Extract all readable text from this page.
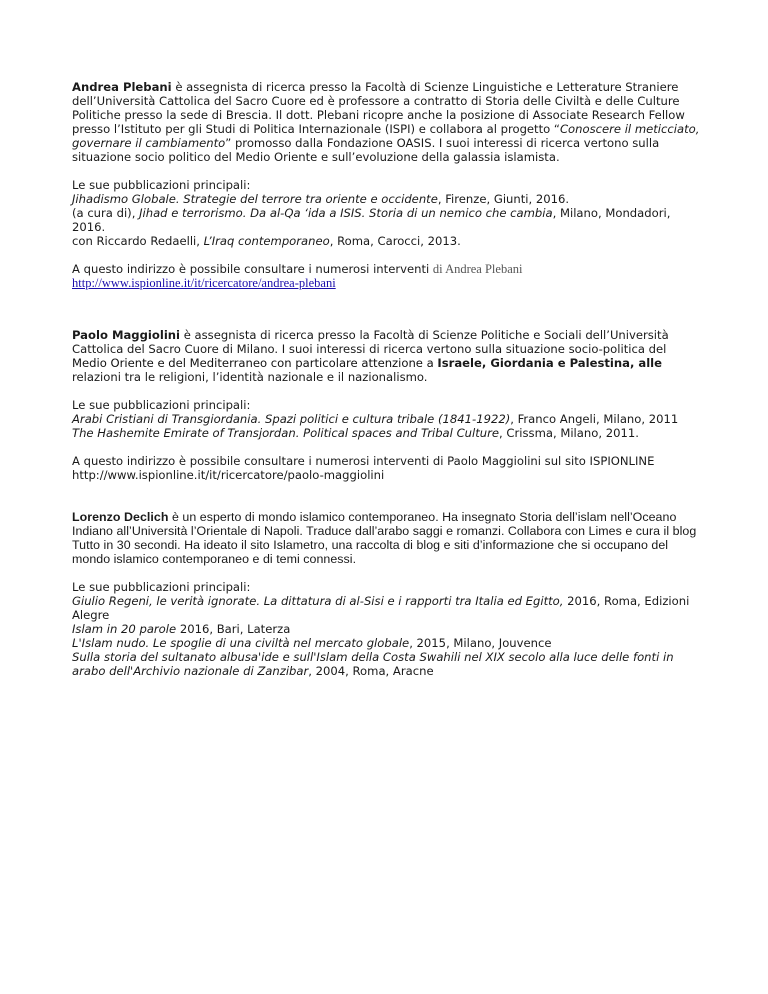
Andrea Plebani è assegnista di ricerca presso la Facoltà di Scienze Linguistiche e Letterature Straniere dell’Università Cattolica del Sacro Cuore ed è professore a contratto di Storia delle Civiltà e delle Culture Politiche presso la sede di Brescia. Il dott. Plebani ricopre anche la posizione di Associate Research Fellow presso l’Istituto per gli Studi di Politica Internazionale (ISPI) e collabora al progetto “Conoscere il meticciato, governare il cambiamento” promosso dalla Fondazione OASIS. I suoi interessi di ricerca vertono sulla situazione socio politico del Medio Oriente e sull’evoluzione della galassia islamista.

Le sue pubblicazioni principali:

Jihadismo Globale. Strategie del terrore tra oriente e occidente, Firenze, Giunti, 2016.

(a cura di), Jihad e terrorismo. Da al-Qa ‘ida a ISIS. Storia di un nemico che cambia, Milano, Mondadori, 2016.

con Riccardo Redaelli, L’Iraq contemporaneo, Roma, Carocci, 2013.

A questo indirizzo è possibile consultare i numerosi interventi di Andrea Plebani

http://www.ispionline.it/it/ricercatore/andrea-plebani

Paolo Maggiolini è assegnista di ricerca presso la Facoltà di Scienze Politiche e Sociali dell’Università Cattolica del Sacro Cuore di Milano. I suoi interessi di ricerca vertono sulla situazione socio-politica del Medio Oriente e del Mediterraneo con particolare attenzione a Israele, Giordania e Palestina, alle relazioni tra le religioni, l’identità nazionale e il nazionalismo.

Le sue pubblicazioni principali:

Arabi Cristiani di Transgiordania. Spazi politici e cultura tribale (1841-1922), Franco Angeli, Milano, 2011

The Hashemite Emirate of Transjordan. Political spaces and Tribal Culture, Crissma, Milano, 2011.

A questo indirizzo è possibile consultare i numerosi interventi di Paolo Maggiolini sul sito ISPIONLINE

http://www.ispionline.it/it/ricercatore/paolo-maggiolini

Lorenzo Declich è un esperto di mondo islamico contemporaneo. Ha insegnato Storia dell’islam nell’Oceano Indiano all’Università l’Orientale di Napoli. Traduce dall’arabo saggi e romanzi. Collabora con Limes e cura il blog Tutto in 30 secondi. Ha ideato il sito Islametro, una raccolta di blog e siti d’informazione che si occupano del mondo islamico contemporaneo e di temi connessi.

Le sue pubblicazioni principali:

Giulio Regeni, le verità ignorate. La dittatura di al-Sisi e i rapporti tra Italia ed Egitto, 2016, Roma, Edizioni Alegre

Islam in 20 parole 2016, Bari, Laterza

L'Islam nudo. Le spoglie di una civiltà nel mercato globale, 2015, Milano, Jouvence

Sulla storia del sultanato albusa'ide e sull'Islam della Costa Swahili nel XIX secolo alla luce delle fonti in arabo dell'Archivio nazionale di Zanzibar, 2004, Roma, Aracne
